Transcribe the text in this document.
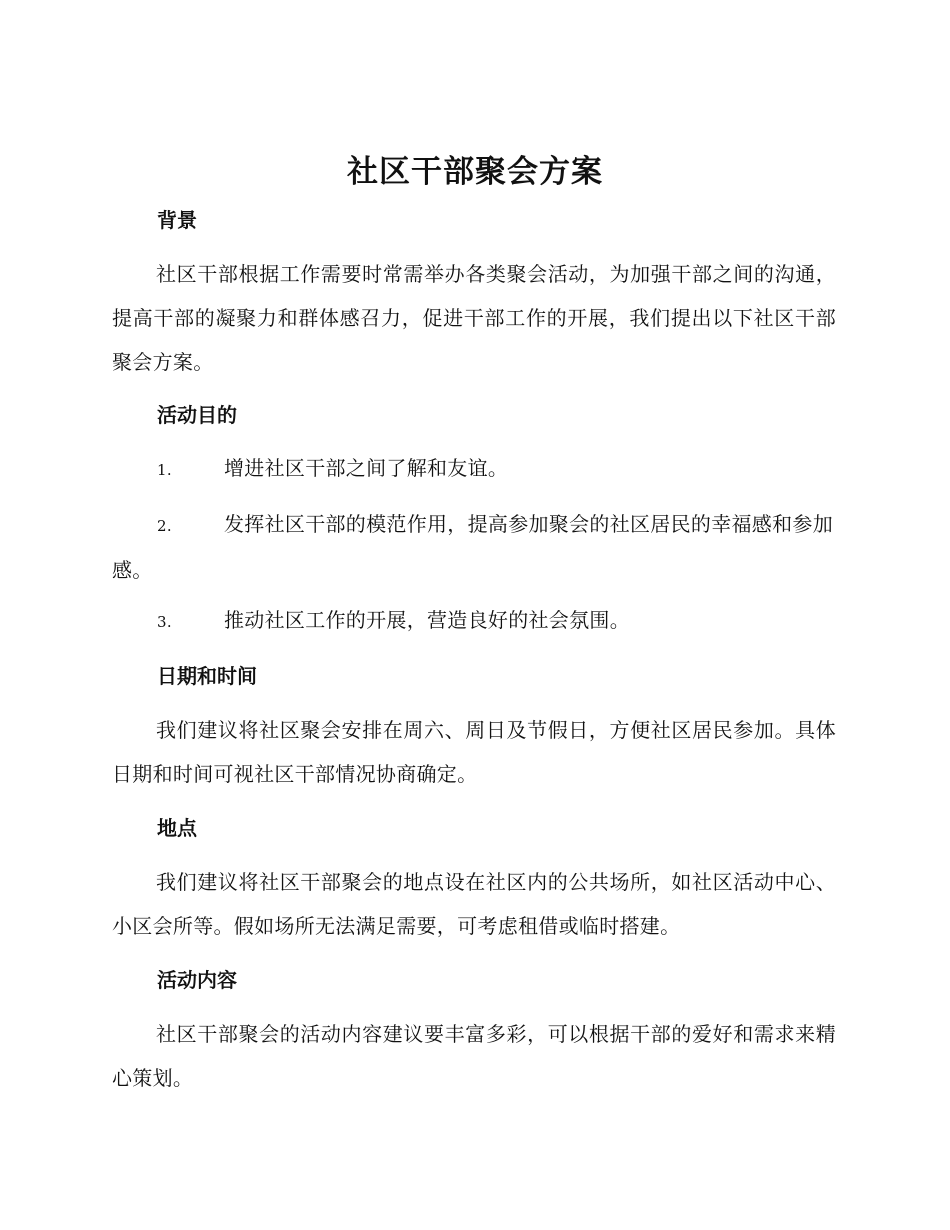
社区干部聚会方案
背景

社区干部根据工作需要时常需举办各类聚会活动，为加强干部之间的沟通，提高干部的凝聚力和群体感召力，促进干部工作的开展，我们提出以下社区干部聚会方案。

活动目的
1.	增进社区干部之间了解和友谊。
2.	发挥社区干部的模范作用，提高参加聚会的社区居民的幸福感和参加感。
3.	推动社区工作的开展，营造良好的社会氛围。
日期和时间

我们建议将社区聚会安排在周六、周日及节假日，方便社区居民参加。具体日期和时间可视社区干部情况协商确定。

地点

我们建议将社区干部聚会的地点设在社区内的公共场所，如社区活动中心、小区会所等。假如场所无法满足需要，可考虑租借或临时搭建。

活动内容

社区干部聚会的活动内容建议要丰富多彩，可以根据干部的爱好和需求来精心策划。
